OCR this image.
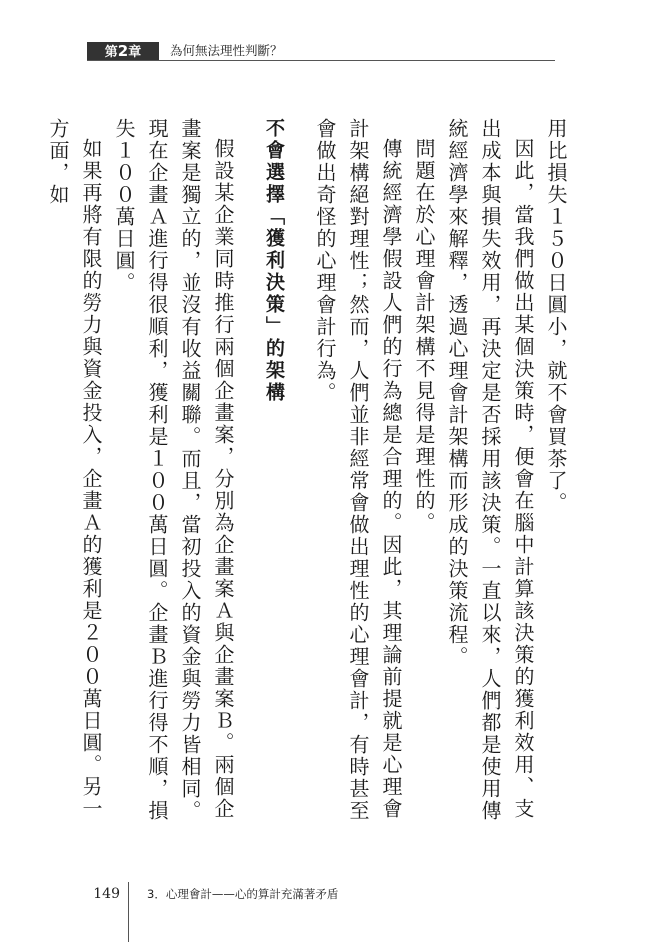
第2章	為何無法理性判斷？

用比損失１５０日圓小，就不會買茶了。

因此，當我們做出某個決策時，便會在腦中計算該決策的獲利效用、支出成本與損失效用，再決定是否採用該決策。一直以來，人們都是使用傳統經濟學來解釋，透過心理會計架構而形成的決策流程。

問題在於心理會計架構不見得是理性的。

傳統經濟學假設人們的行為總是合理的。因此，其理論前提就是心理會計架構絕對理性；然而，人們並非經常會做出理性的心理會計，有時甚至會做出奇怪的心理會計行為。

不會選擇「獲利決策」的架構

假設某企業同時推行兩個企畫案，分別為企畫案Ａ與企畫案Ｂ。兩個企畫案是獨立的，並沒有收益關聯。而且，當初投入的資金與勞力皆相同。現在企畫Ａ進行得很順利，獲利是１００萬日圓。企畫Ｂ進行得不順，損失１００萬日圓。

如果再將有限的勞力與資金投入，企畫Ａ的獲利是２００萬日圓。另一方面，如

149 3．心理會計——心的算計充滿著矛盾
